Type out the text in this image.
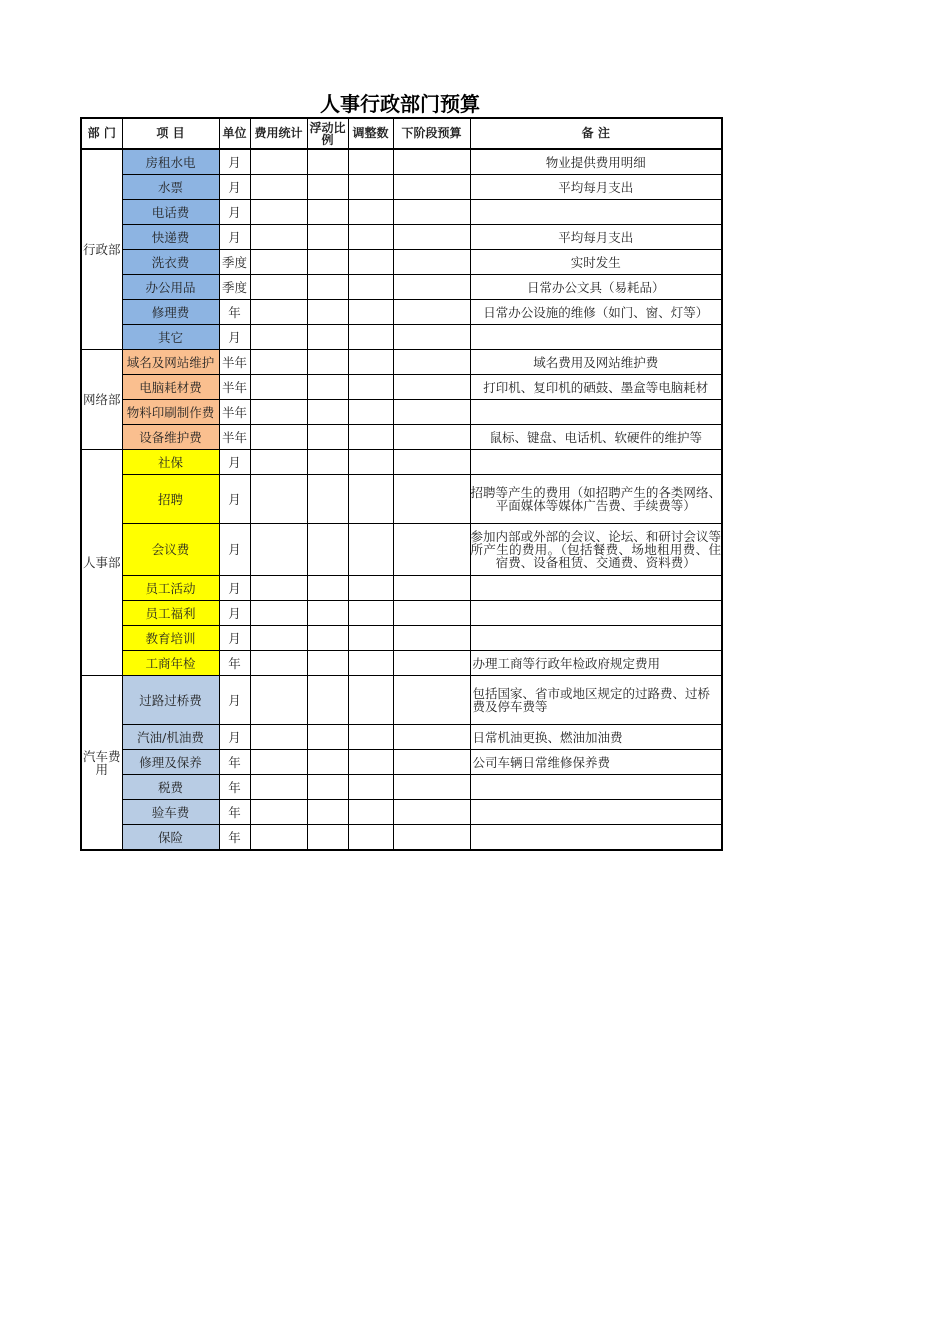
人事行政部门预算
部 门	项 目	单位	费用统计	浮动比例	调整数	下阶段预算	备 注
行政部	房租水电	月					物业提供费用明细
	水票	月					平均每月支出
	电话费	月					
	快递费	月					平均每月支出
	洗衣费	季度					实时发生
	办公用品	季度					日常办公文具（易耗品）
	修理费	年					日常办公设施的维修（如门、窗、灯等）
	其它	月					
网络部	域名及网站维护	半年					域名费用及网站维护费
	电脑耗材费	半年					打印机、复印机的硒鼓、墨盒等电脑耗材
	物料印刷制作费	半年					
	设备维护费	半年					鼠标、键盘、电话机、软硬件的维护等
人事部	社保	月					
	招聘	月					招聘等产生的费用（如招聘产生的各类网络、平面媒体等媒体广告费、手续费等）
	会议费	月					参加内部或外部的会议、论坛、和研讨会议等所产生的费用。（包括餐费、场地租用费、住宿费、设备租赁、交通费、资料费）
	员工活动	月					
	员工福利	月					
	教育培训	月					
	工商年检	年					办理工商等行政年检政府规定费用
汽车费用	过路过桥费	月					包括国家、省市或地区规定的过路费、过桥费及停车费等
	汽油/机油费	月					日常机油更换、燃油加油费
	修理及保养	年					公司车辆日常维修保养费
	税费	年					
	验车费	年					
	保险	年					
